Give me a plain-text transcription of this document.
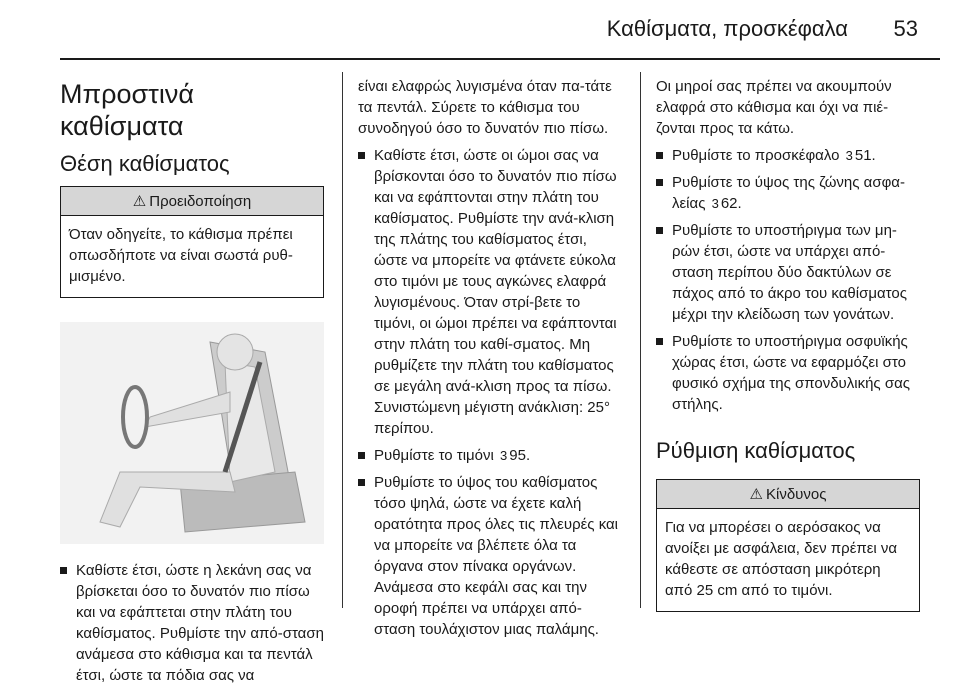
Καθίσματα, προσκέφαλα 53
Μπροστινά καθίσματα
Θέση καθίσματος
⚠ Προειδοποίηση
Όταν οδηγείτε, το κάθισμα πρέπει οπωσδήποτε να είναι σωστά ρυθ-μισμένο.
Καθίστε έτσι, ώστε η λεκάνη σας να βρίσκεται όσο το δυνατόν πιο πίσω και να εφάπτεται στην πλάτη του καθίσματος. Ρυθμίστε την από-σταση ανάμεσα στο κάθισμα και τα πεντάλ έτσι, ώστε τα πόδια σας να

είναι ελαφρώς λυγισμένα όταν πα-τάτε τα πεντάλ. Σύρετε το κάθισμα του συνοδηγού όσο το δυνατόν πιο πίσω.

Καθίστε έτσι, ώστε οι ώμοι σας να βρίσκονται όσο το δυνατόν πιο πίσω και να εφάπτονται στην πλάτη του καθίσματος. Ρυθμίστε την ανά-κλιση της πλάτης του καθίσματος έτσι, ώστε να μπορείτε να φτάνετε εύκολα στο τιμόνι με τους αγκώνες ελαφρά λυγισμένους. Όταν στρί-βετε το τιμόνι, οι ώμοι πρέπει να εφάπτονται στην πλάτη του καθί-σματος. Μη ρυθμίζετε την πλάτη του καθίσματος σε μεγάλη ανά-κλιση προς τα πίσω. Συνιστώμενη μέγιστη ανάκλιση: 25° περίπου.
Ρυθμίστε το τιμόνι 3 95.
Ρυθμίστε το ύψος του καθίσματος τόσο ψηλά, ώστε να έχετε καλή ορατότητα προς όλες τις πλευρές και να μπορείτε να βλέπετε όλα τα όργανα στον πίνακα οργάνων. Ανάμεσα στο κεφάλι σας και την οροφή πρέπει να υπάρχει από-σταση τουλάχιστον μιας παλάμης.

Οι μηροί σας πρέπει να ακουμπούν ελαφρά στο κάθισμα και όχι να πιέ-ζονται προς τα κάτω.

Ρυθμίστε το προσκέφαλο 3 51.
Ρυθμίστε το ύψος της ζώνης ασφα-λείας 3 62.
Ρυθμίστε το υποστήριγμα των μη-ρών έτσι, ώστε να υπάρχει από-σταση περίπου δύο δακτύλων σε πάχος από το άκρο του καθίσματος μέχρι την κλείδωση των γονάτων.
Ρυθμίστε το υποστήριγμα οσφυϊκής χώρας έτσι, ώστε να εφαρμόζει στο φυσικό σχήμα της σπονδυλικής σας στήλης.
Ρύθμιση καθίσματος
⚠ Κίνδυνος
Για να μπορέσει ο αερόσακος να ανοίξει με ασφάλεια, δεν πρέπει να κάθεστε σε απόσταση μικρότερη από 25 cm από το τιμόνι.
